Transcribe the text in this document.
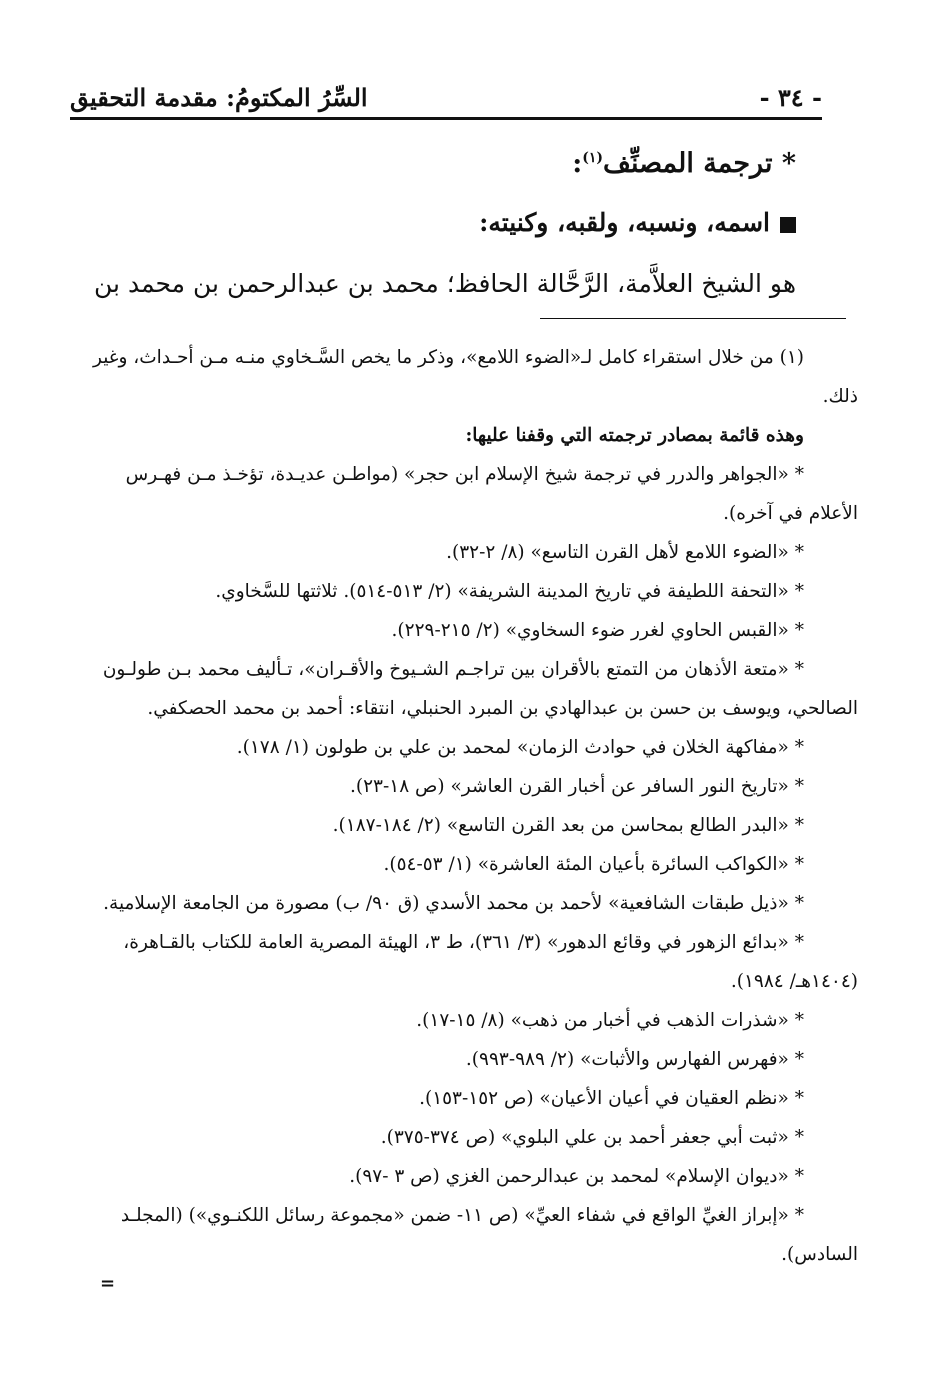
- ٣٤ -
السِّرُ المكتومُ: مقدمة التحقيق
* ترجمة المصنِّف$^{(١)}$:
اسمه، ونسبه، ولقبه، وكنيته:
هو الشيخ العلاَّمة، الرَّحَّالة الحافظ؛ محمد بن عبدالرحمن بن محمد بن

(١) من خلال استقراء كامل لـ«الضوء اللامع»، وذكر ما يخص السَّـخاوي منـه مـن أحـداث، وغير ذلك.

وهذه قائمة بمصادر ترجمته التي وقفنا عليها:

* «الجواهر والدرر في ترجمة شيخ الإسلام ابن حجر» (مواطـن عديـدة، تؤخـذ مـن فهـرس الأعلام في آخره).

* «الضوء اللامع لأهل القرن التاسع» (٨/ ٢-٣٢).

* «التحفة اللطيفة في تاريخ المدينة الشريفة» (٢/ ٥١٣-٥١٤). ثلاثتها للسَّخاوي.

* «القبس الحاوي لغرر ضوء السخاوي» (٢/ ٢١٥-٢٢٩).

* «متعة الأذهان من التمتع بالأقران بين تراجـم الشـيوخ والأقـران»، تـأليف محمد بـن طولـون الصالحي، ويوسف بن حسن بن عبدالهادي بن المبرد الحنبلي، انتقاء: أحمد بن محمد الحصكفي.

* «مفاكهة الخلان في حوادث الزمان» لمحمد بن علي بن طولون (١/ ١٧٨).

* «تاريخ النور السافر عن أخبار القرن العاشر» (ص ١٨-٢٣).

* «البدر الطالع بمحاسن من بعد القرن التاسع» (٢/ ١٨٤-١٨٧).

* «الكواكب السائرة بأعيان المئة العاشرة» (١/ ٥٣-٥٤).

* «ذيل طبقات الشافعية» لأحمد بن محمد الأسدي (ق ٩٠/ ب) مصورة من الجامعة الإسلامية.

* «بدائع الزهور في وقائع الدهور» (٣/ ٣٦١)، ط ٣، الهيئة المصرية العامة للكتاب بالقـاهرة، (١٤٠٤هـ/ ١٩٨٤).

* «شذرات الذهب في أخبار من ذهب» (٨/ ١٥-١٧).

* «فهرس الفهارس والأثبات» (٢/ ٩٨٩-٩٩٣).

* «نظم العقيان في أعيان الأعيان» (ص ١٥٢-١٥٣).

* «ثبت أبي جعفر أحمد بن علي البلوي» (ص ٣٧٤-٣٧٥).

* «ديوان الإسلام» لمحمد بن عبدالرحمن الغزي (ص ٣ -٩٧).

* «إبراز الغيِّ الواقع في شفاء العيِّ» (ص ١١- ضمن «مجموعة رسائل اللكنـوي») (المجلـد السادس).

=
